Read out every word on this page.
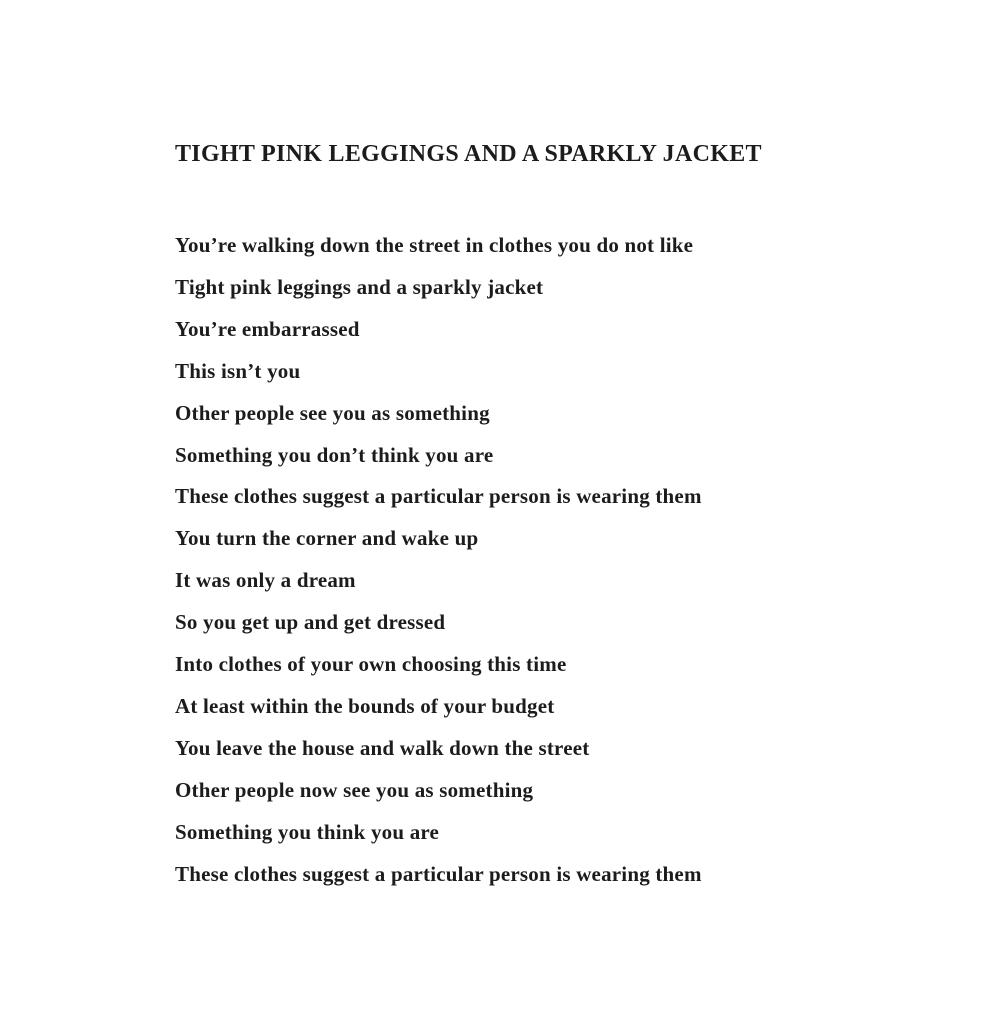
TIGHT PINK LEGGINGS AND A SPARKLY JACKET

You’re walking down the street in clothes you do not like

Tight pink leggings and a sparkly jacket

You’re embarrassed

This isn’t you

Other people see you as something

Something you don’t think you are

These clothes suggest a particular person is wearing them

You turn the corner and wake up

It was only a dream

So you get up and get dressed

Into clothes of your own choosing this time

At least within the bounds of your budget

You leave the house and walk down the street

Other people now see you as something

Something you think you are

These clothes suggest a particular person is wearing them
